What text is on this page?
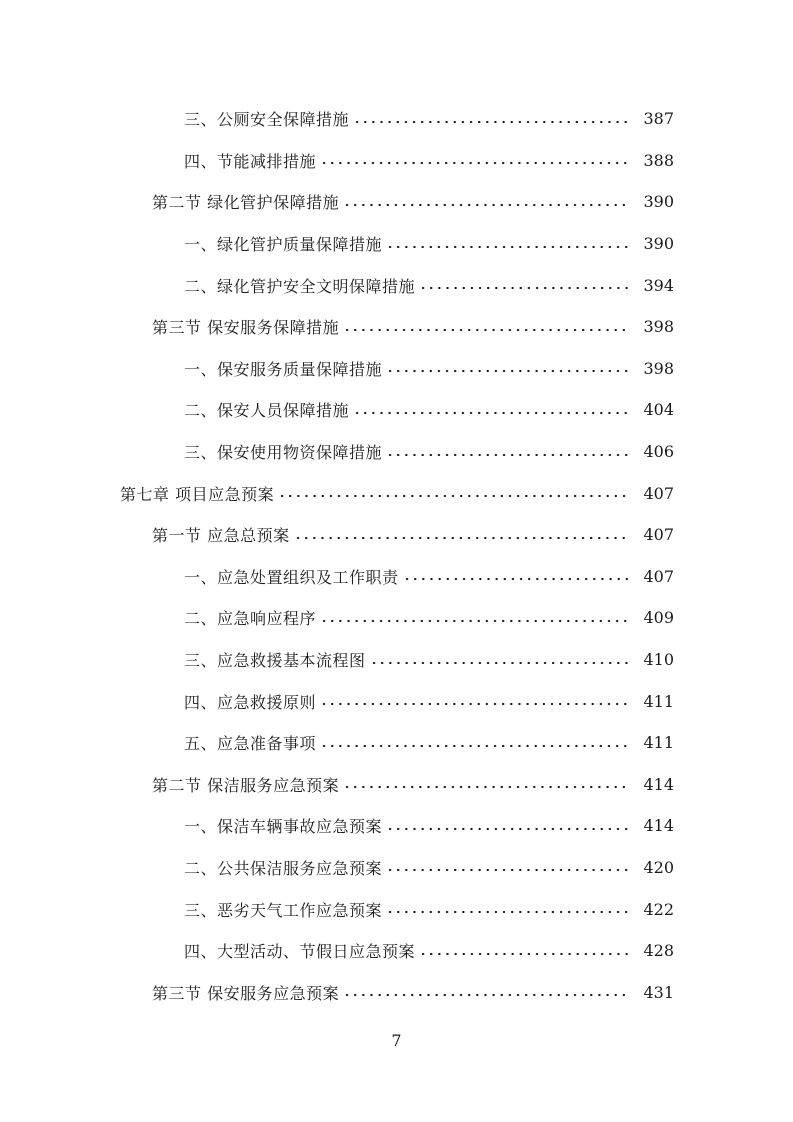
三、公厕安全保障措施	387
四、节能减排措施	388
第二节 绿化管护保障措施	390
一、绿化管护质量保障措施	390
二、绿化管护安全文明保障措施	394
第三节 保安服务保障措施	398
一、保安服务质量保障措施	398
二、保安人员保障措施	404
三、保安使用物资保障措施	406
第七章 项目应急预案	407
第一节 应急总预案	407
一、应急处置组织及工作职责	407
二、应急响应程序	409
三、应急救援基本流程图	410
四、应急救援原则	411
五、应急准备事项	411
第二节 保洁服务应急预案	414
一、保洁车辆事故应急预案	414
二、公共保洁服务应急预案	420
三、恶劣天气工作应急预案	422
四、大型活动、节假日应急预案	428
第三节 保安服务应急预案	431
7
